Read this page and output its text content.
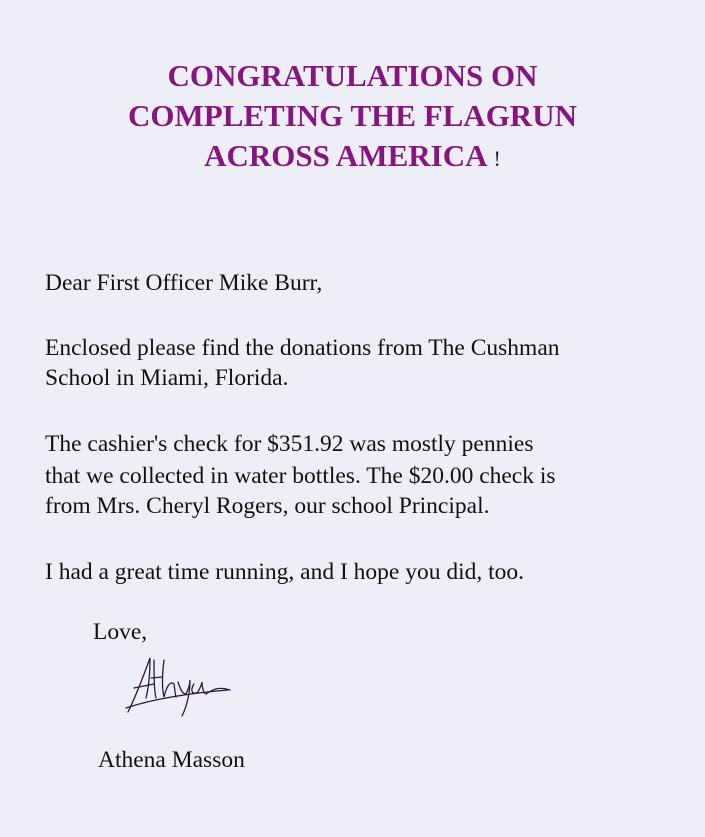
CONGRATULATIONS ON
COMPLETING THE FLAGRUN
ACROSS AMERICA !
Dear First Officer Mike Burr,
Enclosed please find the donations from The Cushman
School in Miami, Florida.
The cashier's check for $351.92 was mostly pennies
that we collected in water bottles. The $20.00 check is
from Mrs. Cheryl Rogers, our school Principal.
I had a great time running, and I hope you did, too.
Love,
Athena Masson
